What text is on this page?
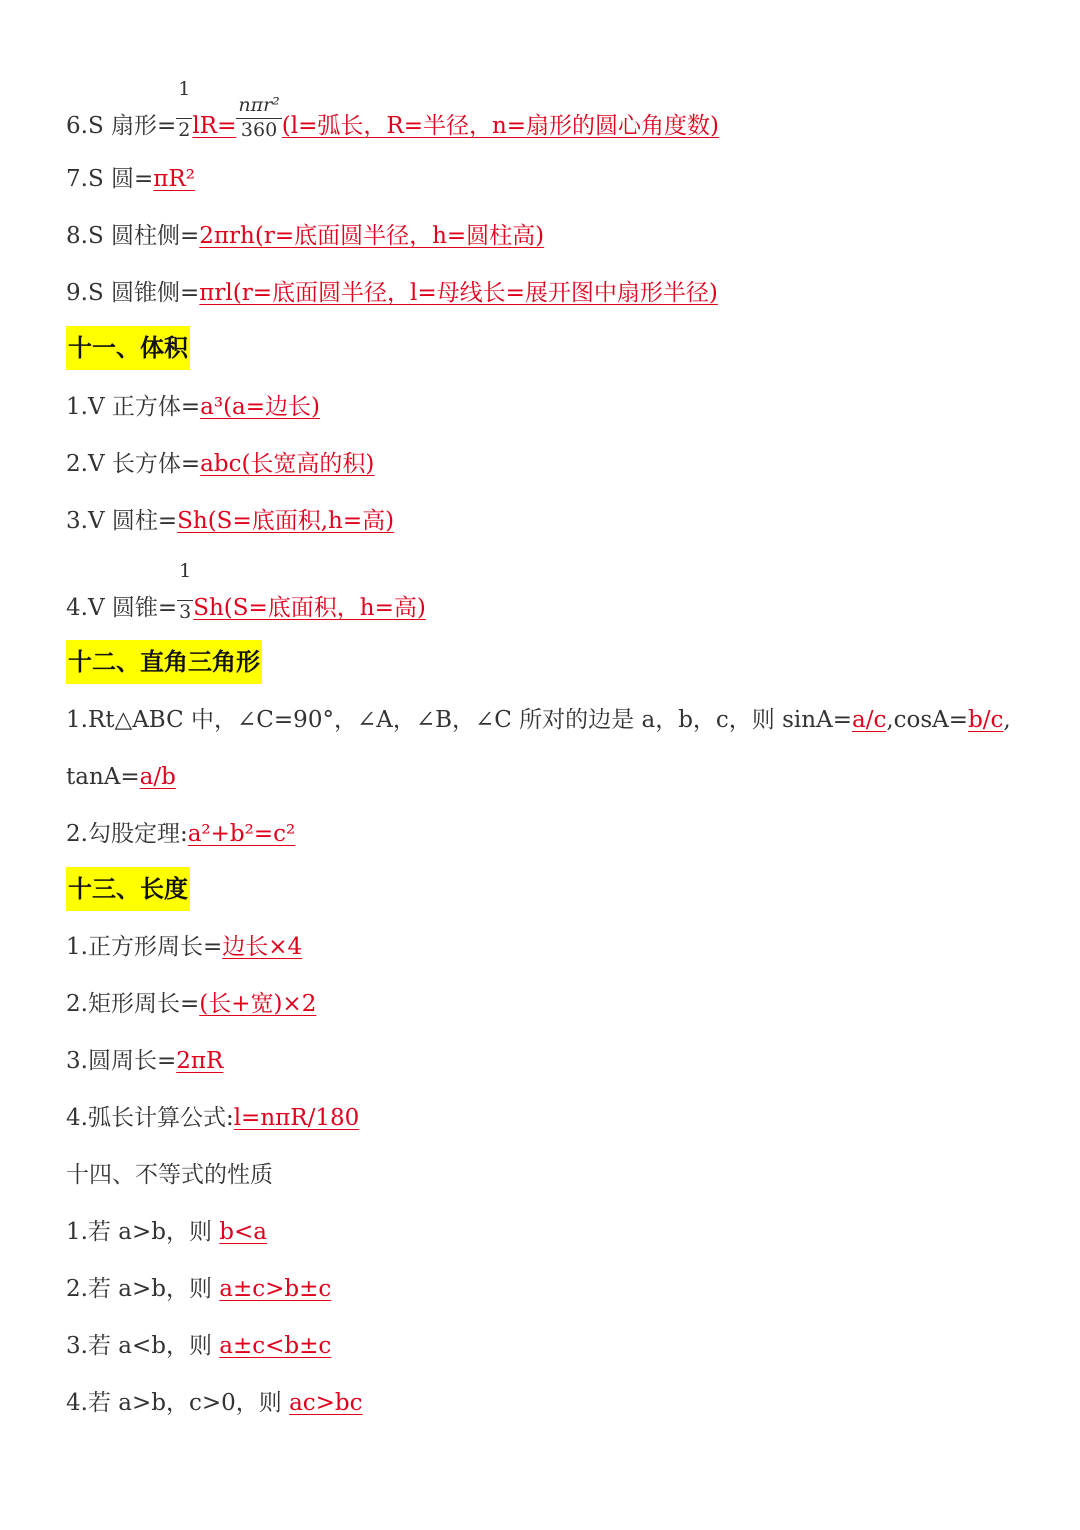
6.S 扇形= $\frac{1}{2} lR= \frac{\text{nπr²}}{360} (l=$弧长，R=半径，n=扇形的圆心角度数)
7.S 圆=πR²
8.S 圆柱侧=2πrh(r=底面圆半径，h=圆柱高)
9.S 圆锥侧=πrl(r=底面圆半径，l=母线长=展开图中扇形半径)
十一、体积
1.V 正方体=a³(a=边长)
2.V 长方体=abc(长宽高的积)
3.V 圆柱=Sh(S=底面积,h=高)
4.V 圆锥= $\frac{1}{3} Sh(S=$底面积，h=高)
十二、直角三角形
1.Rt△ABC 中，∠C=90°，∠A，∠B，∠C 所对的边是 a，b，c，则 sinA=a/c,cosA=b/c,
tanA=a/b
2.勾股定理:a²+b²=c²
十三、长度
1.正方形周长=边长×4
2.矩形周长=(长+宽)×2
3.圆周长=2πR
4.弧长计算公式:l=nπR/180
十四、不等式的性质
1.若 a>b，则 b<a
2.若 a>b，则 a±c>b±c
3.若 a<b，则 a±c<b±c
4.若 a>b，c>0，则 ac>bc
